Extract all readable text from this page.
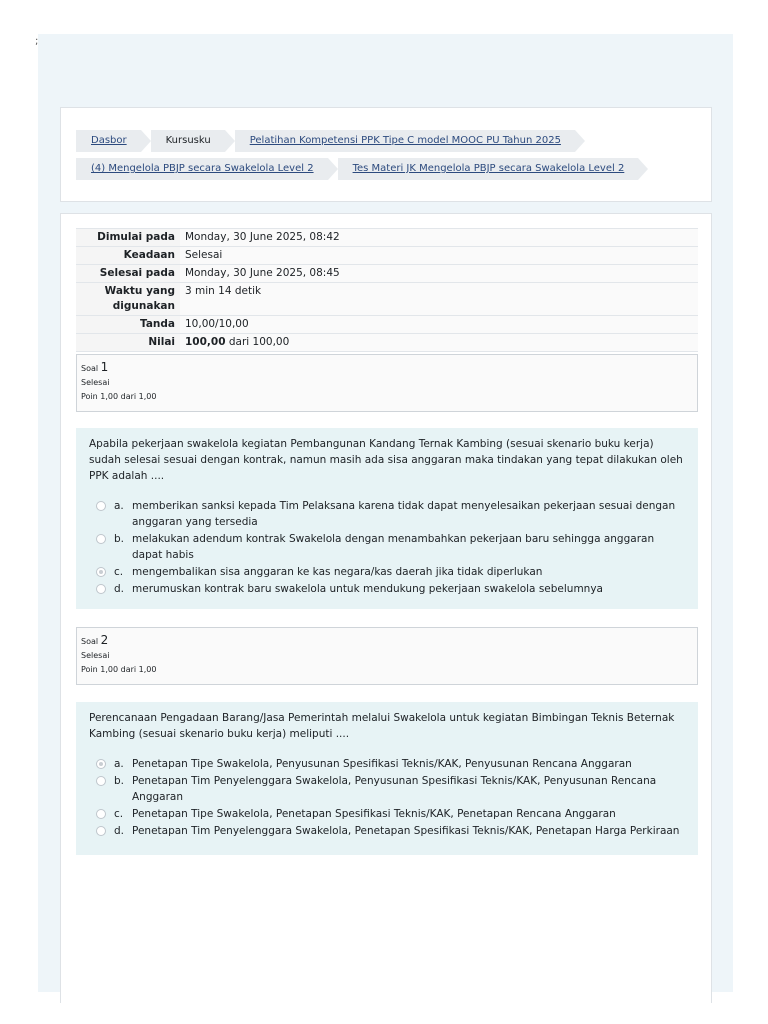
;
Dasbor	Kursusku	Pelatihan Kompetensi PPK Tipe C model MOOC PU Tahun 2025
(4) Mengelola PBJP secara Swakelola Level 2	Tes Materi JK Mengelola PBJP secara Swakelola Level 2
Dimulai pada	Monday, 30 June 2025, 08:42
Keadaan	Selesai
Selesai pada	Monday, 30 June 2025, 08:45
Waktu yang digunakan	3 min 14 detik
Tanda	10,00/10,00
Nilai	100,00 dari 100,00
Soal 1
Selesai
Poin 1,00 dari 1,00

Apabila pekerjaan swakelola kegiatan Pembangunan Kandang Ternak Kambing (sesuai skenario buku kerja) sudah selesai sesuai dengan kontrak, namun masih ada sisa anggaran maka tindakan yang tepat dilakukan oleh PPK adalah ....

a. memberikan sanksi kepada Tim Pelaksana karena tidak dapat menyelesaikan pekerjaan sesuai dengan anggaran yang tersedia
b. melakukan adendum kontrak Swakelola dengan menambahkan pekerjaan baru sehingga anggaran dapat habis
c. mengembalikan sisa anggaran ke kas negara/kas daerah jika tidak diperlukan
d. merumuskan kontrak baru swakelola untuk mendukung pekerjaan swakelola sebelumnya
Soal 2
Selesai
Poin 1,00 dari 1,00

Perencanaan Pengadaan Barang/Jasa Pemerintah melalui Swakelola untuk kegiatan Bimbingan Teknis Beternak Kambing (sesuai skenario buku kerja) meliputi ....

a. Penetapan Tipe Swakelola, Penyusunan Spesifikasi Teknis/KAK, Penyusunan Rencana Anggaran
b. Penetapan Tim Penyelenggara Swakelola, Penyusunan Spesifikasi Teknis/KAK, Penyusunan Rencana Anggaran
c. Penetapan Tipe Swakelola, Penetapan Spesifikasi Teknis/KAK, Penetapan Rencana Anggaran
d. Penetapan Tim Penyelenggara Swakelola, Penetapan Spesifikasi Teknis/KAK, Penetapan Harga Perkiraan
